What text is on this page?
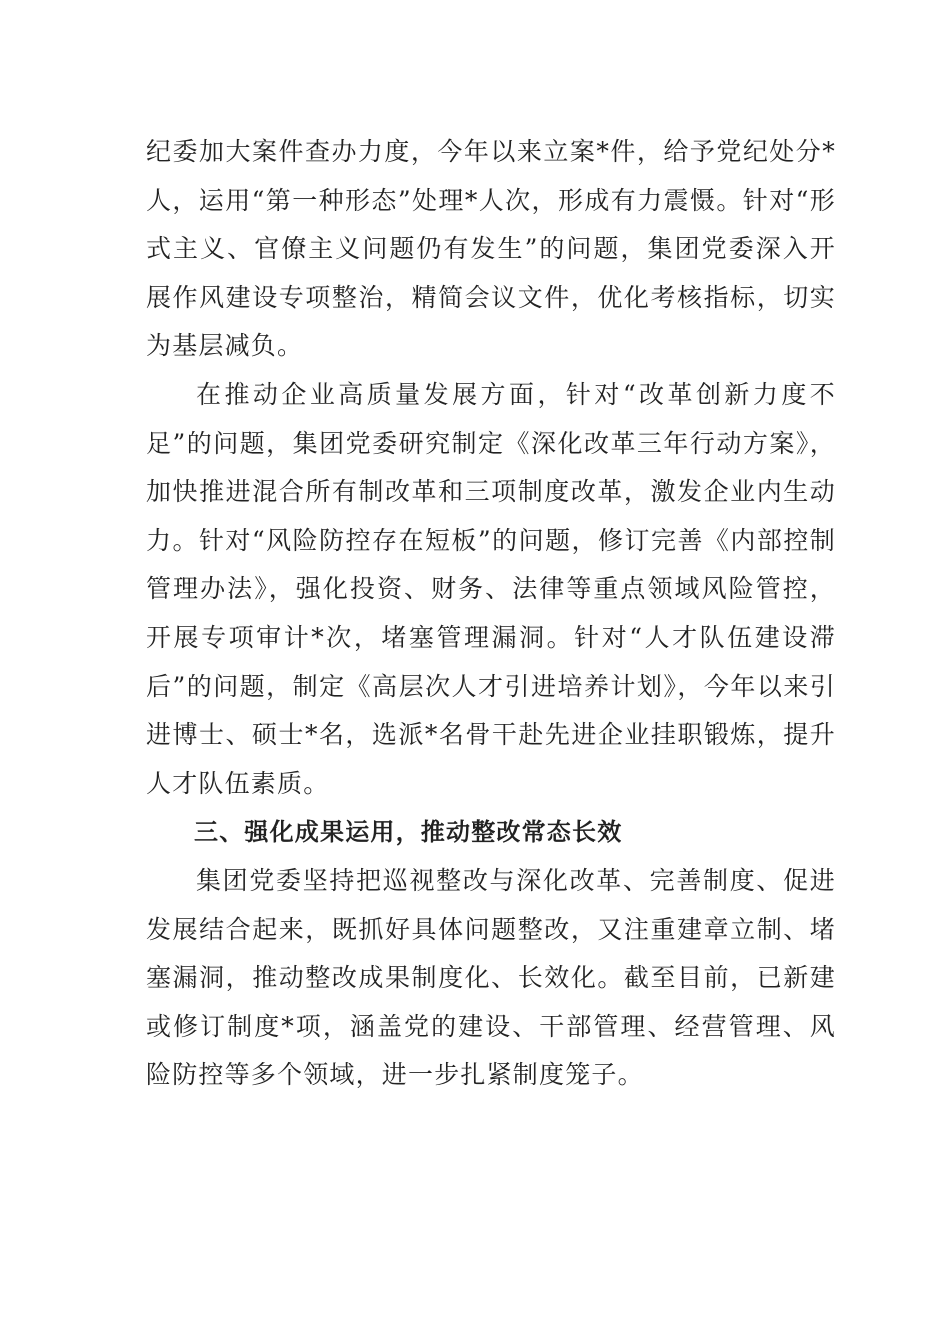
纪委加大案件查办力度，今年以来立案*件，给予党纪处分*人，运用“第一种形态”处理*人次，形成有力震慑。针对“形式主义、官僚主义问题仍有发生”的问题，集团党委深入开展作风建设专项整治，精简会议文件，优化考核指标，切实为基层减负。

在推动企业高质量发展方面，针对“改革创新力度不足”的问题，集团党委研究制定《深化改革三年行动方案》，加快推进混合所有制改革和三项制度改革，激发企业内生动力。针对“风险防控存在短板”的问题，修订完善《内部控制管理办法》，强化投资、财务、法律等重点领域风险管控，开展专项审计*次，堵塞管理漏洞。针对“人才队伍建设滞后”的问题，制定《高层次人才引进培养计划》，今年以来引进博士、硕士*名，选派*名骨干赴先进企业挂职锻炼，提升人才队伍素质。

三、强化成果运用，推动整改常态长效

集团党委坚持把巡视整改与深化改革、完善制度、促进发展结合起来，既抓好具体问题整改，又注重建章立制、堵塞漏洞，推动整改成果制度化、长效化。截至目前，已新建或修订制度*项，涵盖党的建设、干部管理、经营管理、风险防控等多个领域，进一步扎紧制度笼子。
